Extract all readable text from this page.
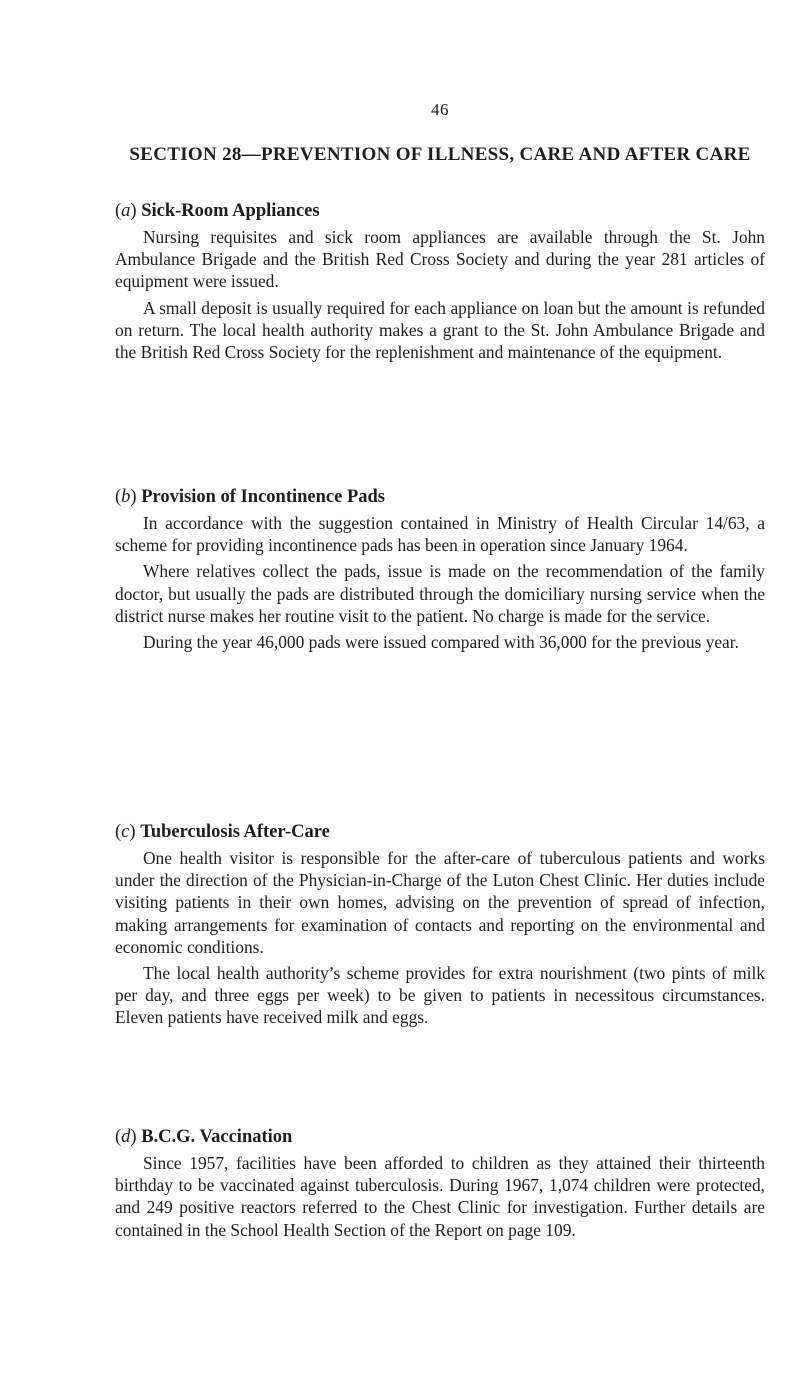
46
SECTION 28—PREVENTION OF ILLNESS, CARE AND AFTER CARE

(a) Sick-Room Appliances

Nursing requisites and sick room appliances are available through the St. John Ambulance Brigade and the British Red Cross Society and during the year 281 articles of equipment were issued.

A small deposit is usually required for each appliance on loan but the amount is refunded on return. The local health authority makes a grant to the St. John Ambulance Brigade and the British Red Cross Society for the replenishment and maintenance of the equipment.

(b) Provision of Incontinence Pads

In accordance with the suggestion contained in Ministry of Health Circular 14/63, a scheme for providing incontinence pads has been in operation since January 1964.

Where relatives collect the pads, issue is made on the recommendation of the family doctor, but usually the pads are distributed through the domiciliary nursing service when the district nurse makes her routine visit to the patient. No charge is made for the service.

During the year 46,000 pads were issued compared with 36,000 for the previous year.

(c) Tuberculosis After-Care

One health visitor is responsible for the after-care of tuberculous patients and works under the direction of the Physician-in-Charge of the Luton Chest Clinic. Her duties include visiting patients in their own homes, advising on the prevention of spread of infection, making arrangements for examination of contacts and reporting on the environmental and economic conditions.

The local health authority’s scheme provides for extra nourishment (two pints of milk per day, and three eggs per week) to be given to patients in necessitous circumstances. Eleven patients have received milk and eggs.

(d) B.C.G. Vaccination

Since 1957, facilities have been afforded to children as they attained their thirteenth birthday to be vaccinated against tuberculosis. During 1967, 1,074 children were protected, and 249 positive reactors referred to the Chest Clinic for investigation. Further details are contained in the School Health Section of the Report on page 109.
